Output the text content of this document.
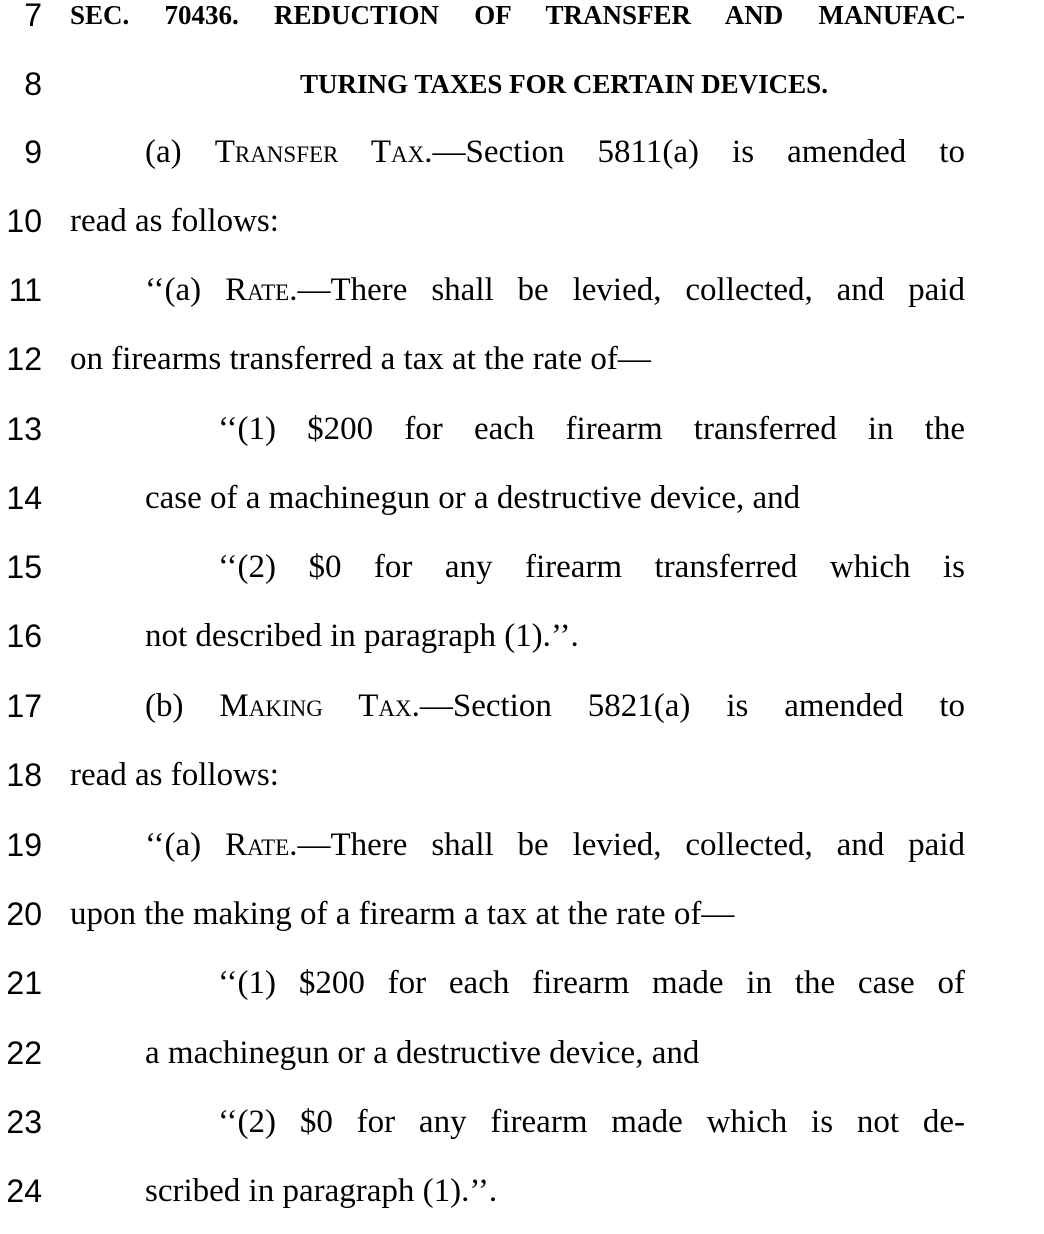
7 SEC. 70436. REDUCTION OF TRANSFER AND MANUFAC-
8	TURING TAXES FOR CERTAIN DEVICES.
9	(a) Transfer Tax.—Section 5811(a) is amended to
10 read as follows:
11	‘‘(a) Rate.—There shall be levied, collected, and paid
12 on firearms transferred a tax at the rate of—
13	‘‘(1) $200 for each firearm transferred in the
14	case of a machinegun or a destructive device, and
15	‘‘(2) $0 for any firearm transferred which is
16	not described in paragraph (1).’’.
17	(b) Making Tax.—Section 5821(a) is amended to
18 read as follows:
19	‘‘(a) Rate.—There shall be levied, collected, and paid
20 upon the making of a firearm a tax at the rate of—
21	‘‘(1) $200 for each firearm made in the case of
22	a machinegun or a destructive device, and
23	‘‘(2) $0 for any firearm made which is not de-
24	scribed in paragraph (1).’’.
